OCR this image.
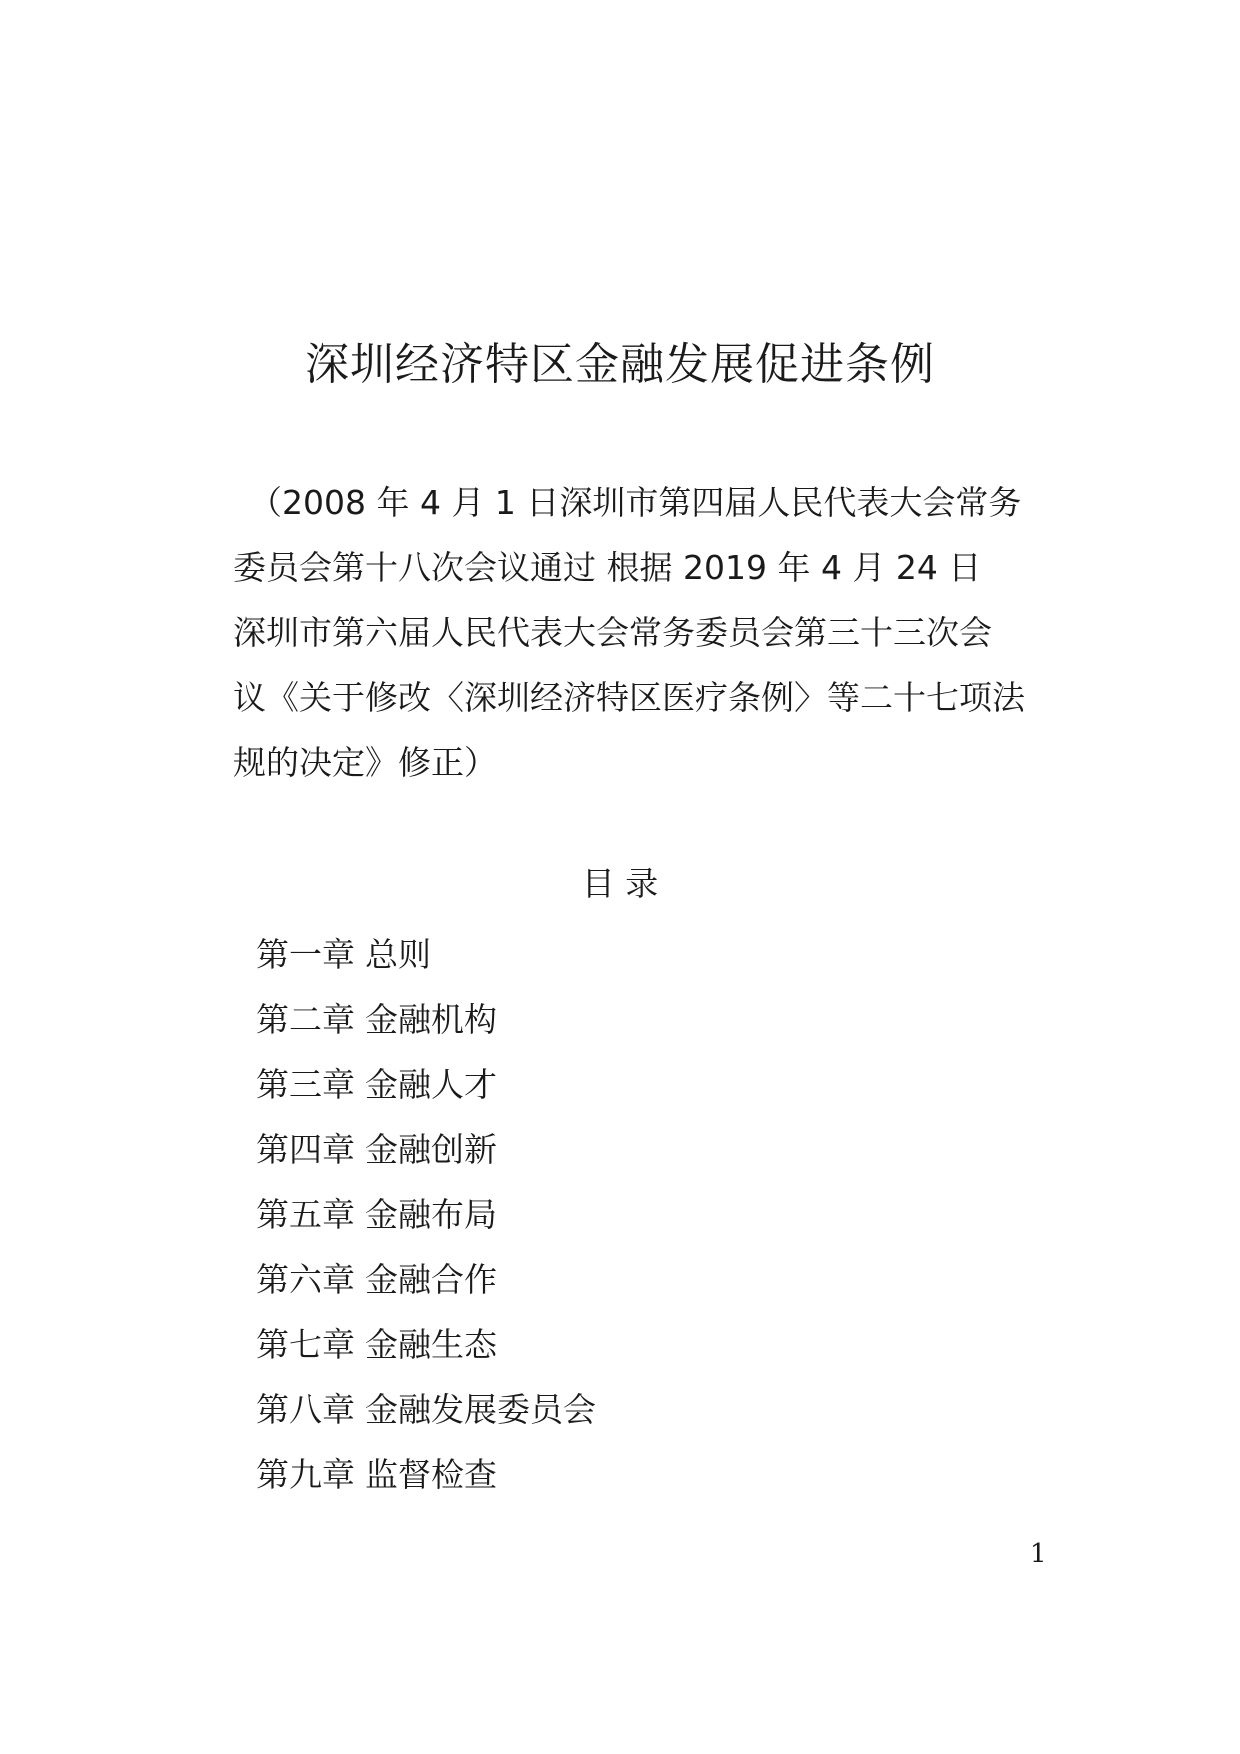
深圳经济特区金融发展促进条例

（2008 年 4 月 1 日深圳市第四届人民代表大会常务
委员会第十八次会议通过 根据 2019 年 4 月 24 日
深圳市第六届人民代表大会常务委员会第三十三次会
议《关于修改〈深圳经济特区医疗条例〉等二十七项法
规的决定》修正）

目 录
第一章 总则
第二章 金融机构
第三章 金融人才
第四章 金融创新
第五章 金融布局
第六章 金融合作
第七章 金融生态
第八章 金融发展委员会
第九章 监督检查
1
